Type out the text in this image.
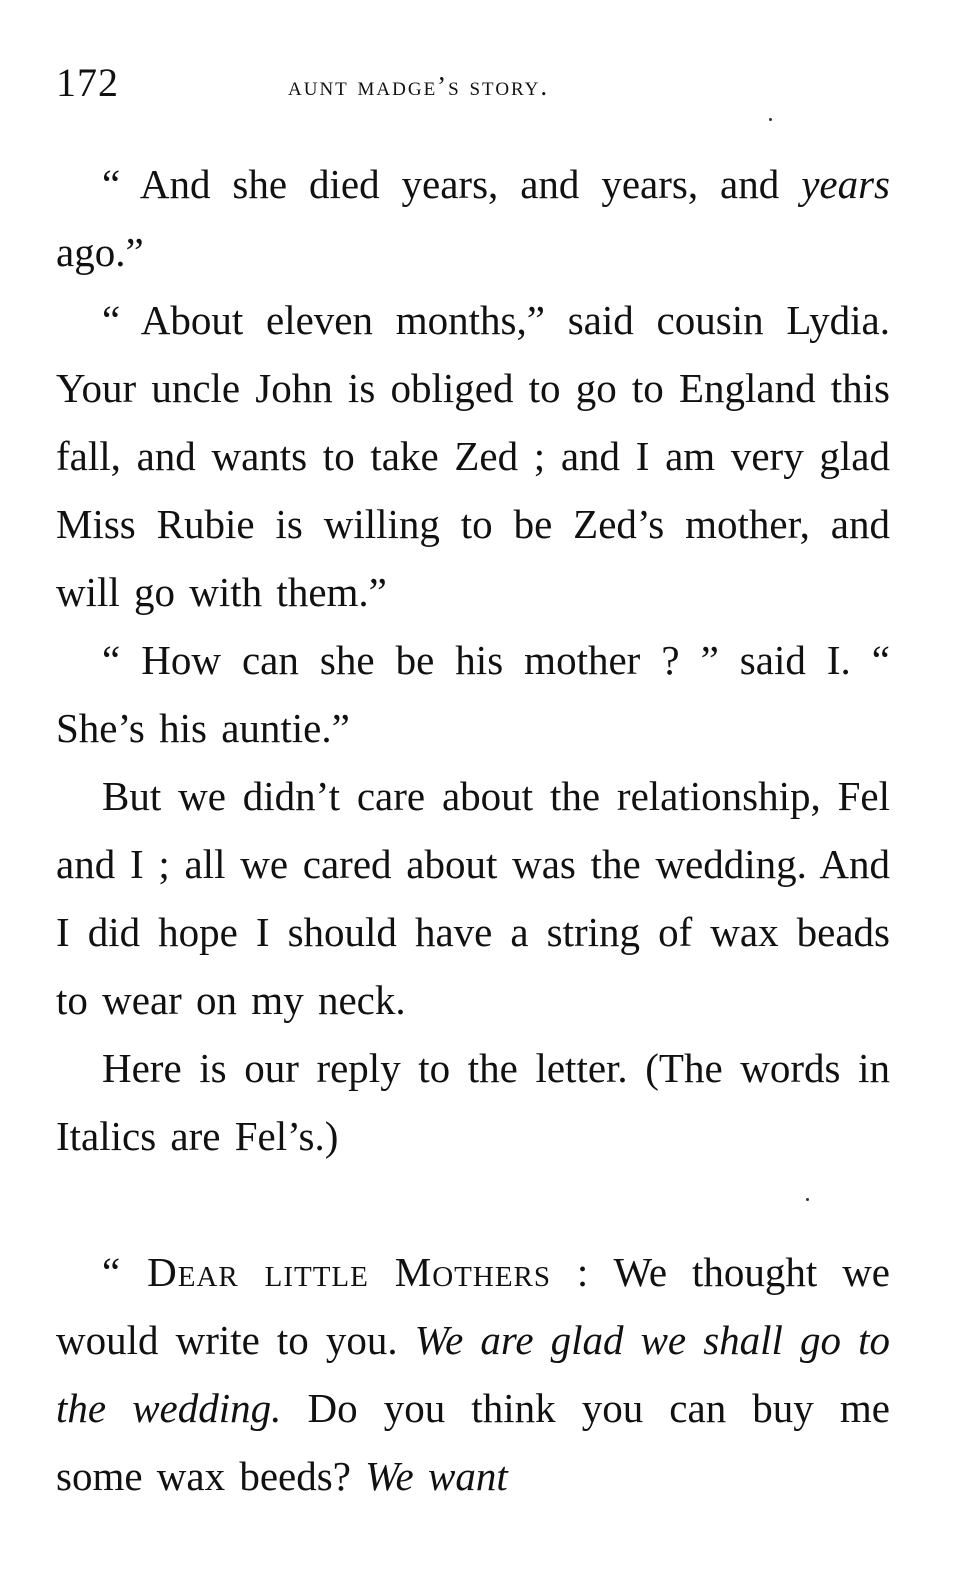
172	aunt madge’s story.

“ And she died years, and years, and years ago.”

“ About eleven months,” said cousin Lydia. Your uncle John is obliged to go to England this fall, and wants to take Zed ; and I am very glad Miss Rubie is willing to be Zed’s mother, and will go with them.”

“ How can she be his mother ? ” said I. “ She’s his auntie.”

But we didn’t care about the relationship, Fel and I ; all we cared about was the wedding. And I did hope I should have a string of wax beads to wear on my neck.

Here is our reply to the letter. (The words in Italics are Fel’s.)

“ Dear little Mothers : We thought we would write to you. We are glad we shall go to the wedding. Do you think you can buy me some wax beeds? We want
